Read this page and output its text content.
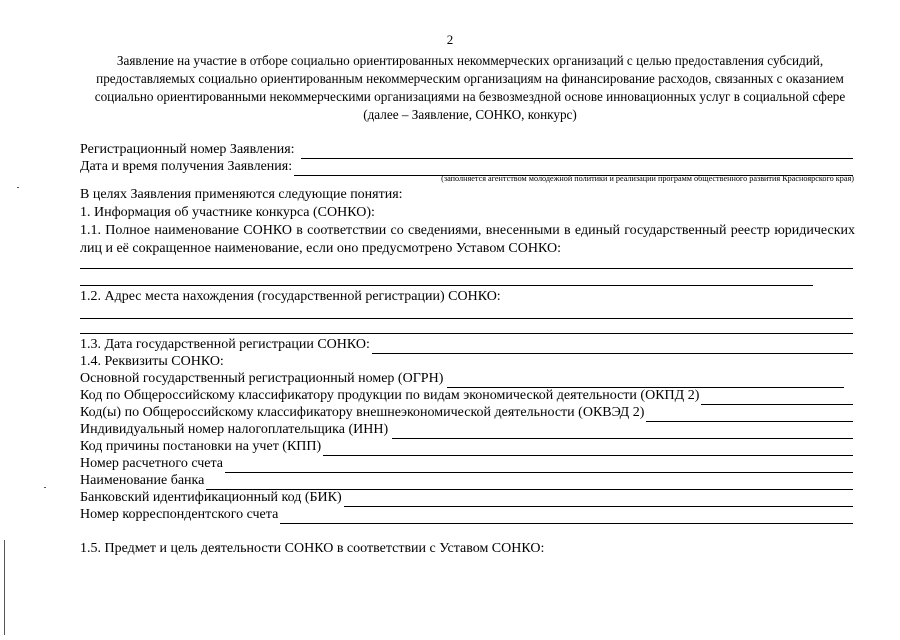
2
Заявление на участие в отборе социально ориентированных некоммерческих организаций с целью предоставления субсидий, предоставляемых социально ориентированным некоммерческим организациям на финансирование расходов, связанных с оказанием социально ориентированными некоммерческими организациями на безвозмездной основе инновационных услуг в социальной сфере (далее – Заявление, СОНКО, конкурс)
Регистрационный номер Заявления:
Дата и время получения Заявления:
(заполняется агентством молодежной политики и реализации программ общественного развития Красноярского края)
В целях Заявления применяются следующие понятия:
1. Информация об участнике конкурса (СОНКО):
1.1. Полное наименование СОНКО в соответствии со сведениями, внесенными в единый государственный реестр юридических лиц и её сокращенное наименование, если оно предусмотрено Уставом СОНКО:
1.2. Адрес места нахождения (государственной регистрации) СОНКО:
1.3. Дата государственной регистрации СОНКО:
1.4. Реквизиты СОНКО:
Основной государственный регистрационный номер (ОГРН)
Код по Общероссийскому классификатору продукции по видам экономической деятельности (ОКПД 2)
Код(ы) по Общероссийскому классификатору внешнеэкономической деятельности (ОКВЭД 2)
Индивидуальный номер налогоплательщика (ИНН)
Код причины постановки на учет (КПП)
Номер расчетного счета
Наименование банка
Банковский идентификационный код (БИК)
Номер корреспондентского счета
1.5. Предмет и цель деятельности СОНКО в соответствии с Уставом СОНКО:
